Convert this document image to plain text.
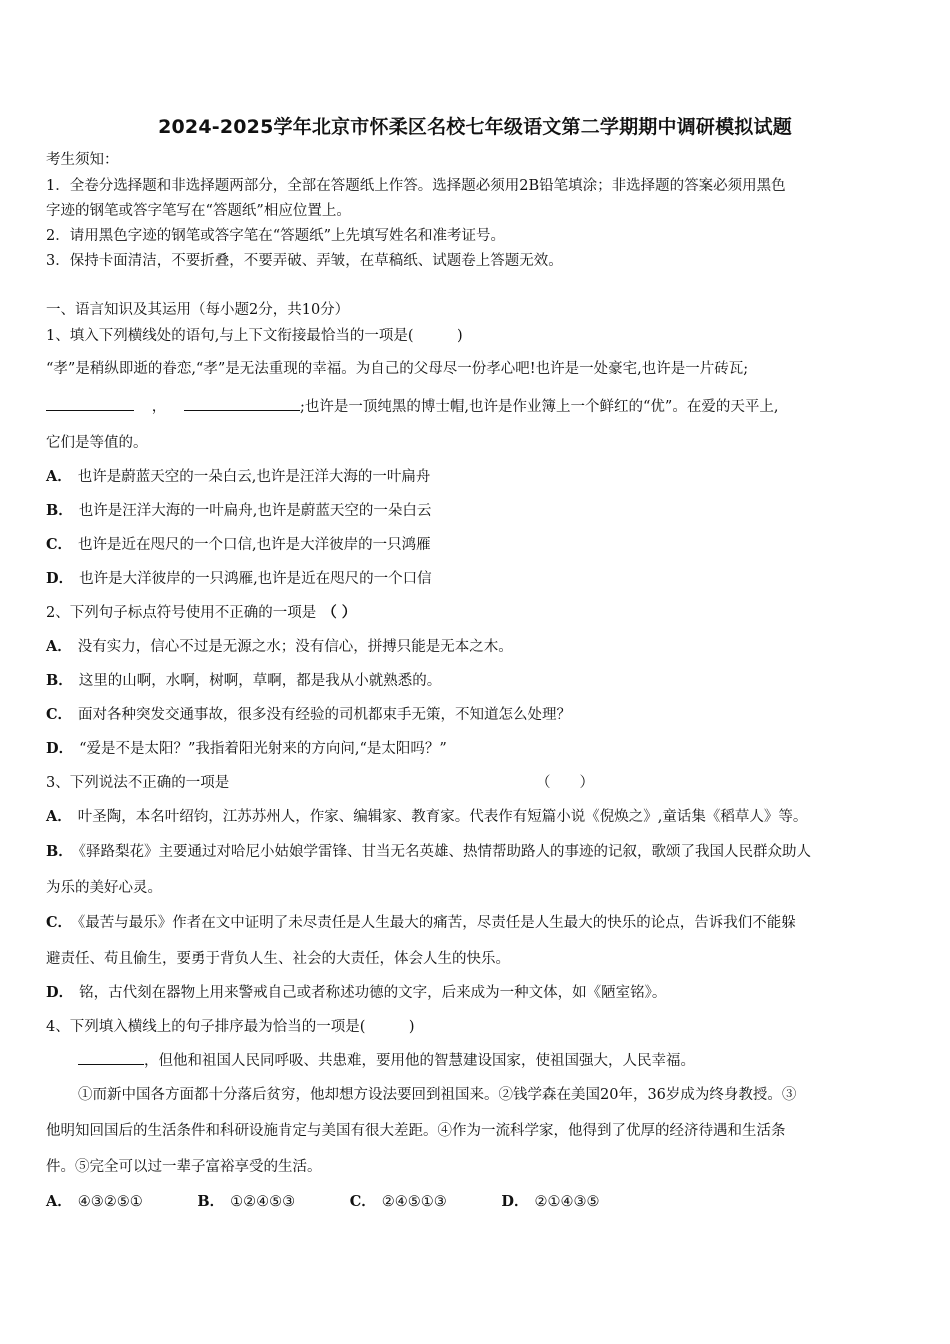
2024-2025学年北京市怀柔区名校七年级语文第二学期期中调研模拟试题
考生须知：
1．全卷分选择题和非选择题两部分，全部在答题纸上作答。选择题必须用2B铅笔填涂；非选择题的答案必须用黑色
字迹的钢笔或答字笔写在“答题纸”相应位置上。
2．请用黑色字迹的钢笔或答字笔在“答题纸”上先填写姓名和准考证号。
3．保持卡面清洁，不要折叠，不要弄破、弄皱，在草稿纸、试题卷上答题无效。
一、语言知识及其运用（每小题2分，共10分）
1、填入下列横线处的语句,与上下文衔接最恰当的一项是(　　　)
“孝”是稍纵即逝的眷恋,“孝”是无法重现的幸福。为自己的父母尽一份孝心吧!也许是一处豪宅,也许是一片砖瓦;
，	;也许是一顶纯黑的博士帽,也许是作业簿上一个鲜红的“优”。在爱的天平上,
它们是等值的。
A． 也许是蔚蓝天空的一朵白云,也许是汪洋大海的一叶扁舟
B． 也许是汪洋大海的一叶扁舟,也许是蔚蓝天空的一朵白云
C． 也许是近在咫尺的一个口信,也许是大洋彼岸的一只鸿雁
D． 也许是大洋彼岸的一只鸿雁,也许是近在咫尺的一个口信
2、下列句子标点符号使用不正确的一项是 （ ）
A． 没有实力，信心不过是无源之水；没有信心，拼搏只能是无本之木。
B． 这里的山啊，水啊，树啊，草啊，都是我从小就熟悉的。
C． 面对各种突发交通事故，很多没有经验的司机都束手无策，不知道怎么处理？
D． “爱是不是太阳？”我指着阳光射来的方向问,“是太阳吗？”
3、下列说法不正确的一项是	（　　）
A． 叶圣陶，本名叶绍钧，江苏苏州人，作家、编辑家、教育家。代表作有短篇小说《倪焕之》,童话集《稻草人》等。
B． 《驿路梨花》主要通过对哈尼小姑娘学雷锋、甘当无名英雄、热情帮助路人的事迹的记叙，歌颂了我国人民群众助人
为乐的美好心灵。
C． 《最苦与最乐》作者在文中证明了未尽责任是人生最大的痛苦，尽责任是人生最大的快乐的论点，告诉我们不能躲
避责任、苟且偷生，要勇于背负人生、社会的大责任，体会人生的快乐。
D． 铭，古代刻在器物上用来警戒自己或者称述功德的文字，后来成为一种文体，如《陋室铭》。
4、下列填入横线上的句子排序最为恰当的一项是(　　　)
，但他和祖国人民同呼吸、共患难，要用他的智慧建设国家，使祖国强大，人民幸福。
①而新中国各方面都十分落后贫穷，他却想方设法要回到祖国来。②钱学森在美国20年，36岁成为终身教授。③
他明知回国后的生活条件和科研设施肯定与美国有很大差距。④作为一流科学家，他得到了优厚的经济待遇和生活条
件。⑤完全可以过一辈子富裕享受的生活。
A． ④③②⑤①	B． ①②④⑤③	C． ②④⑤①③	D． ②①④③⑤
